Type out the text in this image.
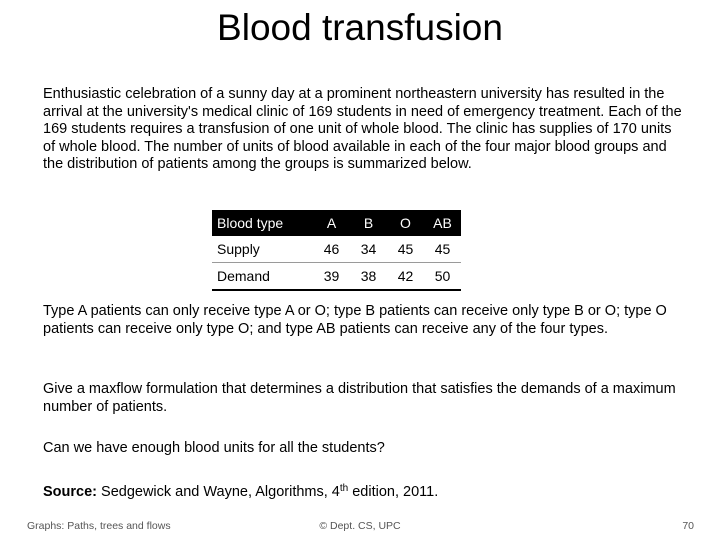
Blood transfusion

Enthusiastic celebration of a sunny day at a prominent northeastern university has resulted in the arrival at the university's medical clinic of 169 students in need of emergency treatment. Each of the 169 students requires a transfusion of one unit of whole blood. The clinic has supplies of 170 units of whole blood. The number of units of blood available in each of the four major blood groups and the distribution of patients among the groups is summarized below.

Blood type	A	B	O	AB
Supply	46	34	45	45
Demand	39	38	42	50

Type A patients can only receive type A or O; type B patients can receive only type B or O; type O patients can receive only type O; and type AB patients can receive any of the four types.

Give a maxflow formulation that determines a distribution that satisfies the demands of a maximum number of patients.

Can we have enough blood units for all the students?

Source: Sedgewick and Wayne, Algorithms, 4th edition, 2011.

Graphs: Paths, trees and flows	© Dept. CS, UPC	70
